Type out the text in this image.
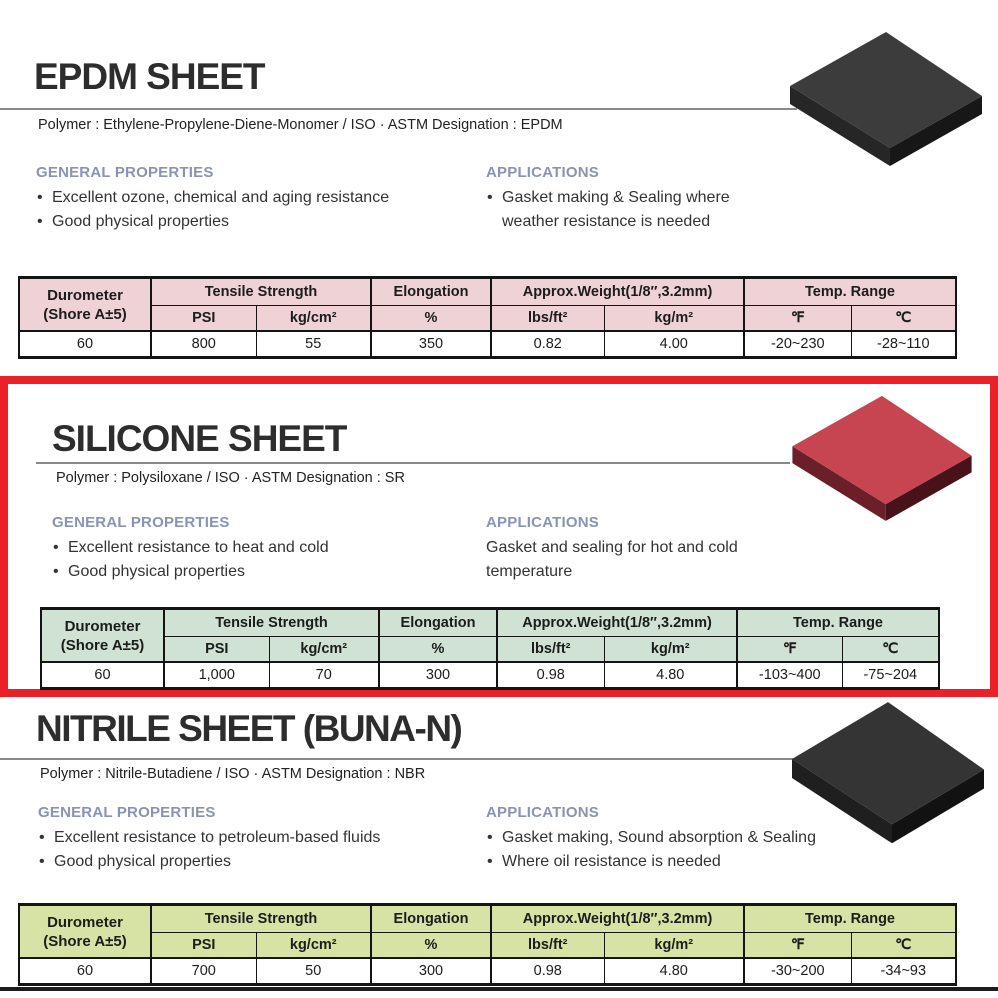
EPDM SHEET
Polymer : Ethylene-Propylene-Diene-Monomer / ISO · ASTM Designation : EPDM
GENERAL PROPERTIES
• Excellent ozone, chemical and aging resistance
• Good physical properties
APPLICATIONS
• Gasket making & Sealing where
weather resistance is needed
Durometer
(Shore A±5)	Tensile Strength		Elongation	Approx.Weight(1/8″,3.2mm)		Temp. Range	
	PSI	kg/cm²	%	lbs/ft²	kg/m²	℉	℃
60	800	55	350	0.82	4.00	-20~230	-28~110
SILICONE SHEET
Polymer : Polysiloxane / ISO · ASTM Designation : SR
GENERAL PROPERTIES
• Excellent resistance to heat and cold
• Good physical properties
APPLICATIONS
Gasket and sealing for hot and cold
temperature
Durometer
(Shore A±5)	Tensile Strength		Elongation	Approx.Weight(1/8″,3.2mm)		Temp. Range	
	PSI	kg/cm²	%	lbs/ft²	kg/m²	℉	℃
60	1,000	70	300	0.98	4.80	-103~400	-75~204
NITRILE SHEET (BUNA-N)
Polymer : Nitrile-Butadiene / ISO · ASTM Designation : NBR
GENERAL PROPERTIES
• Excellent resistance to petroleum-based fluids
• Good physical properties
APPLICATIONS
• Gasket making, Sound absorption & Sealing
• Where oil resistance is needed
Durometer
(Shore A±5)	Tensile Strength		Elongation	Approx.Weight(1/8″,3.2mm)		Temp. Range	
	PSI	kg/cm²	%	lbs/ft²	kg/m²	℉	℃
60	700	50	300	0.98	4.80	-30~200	-34~93
